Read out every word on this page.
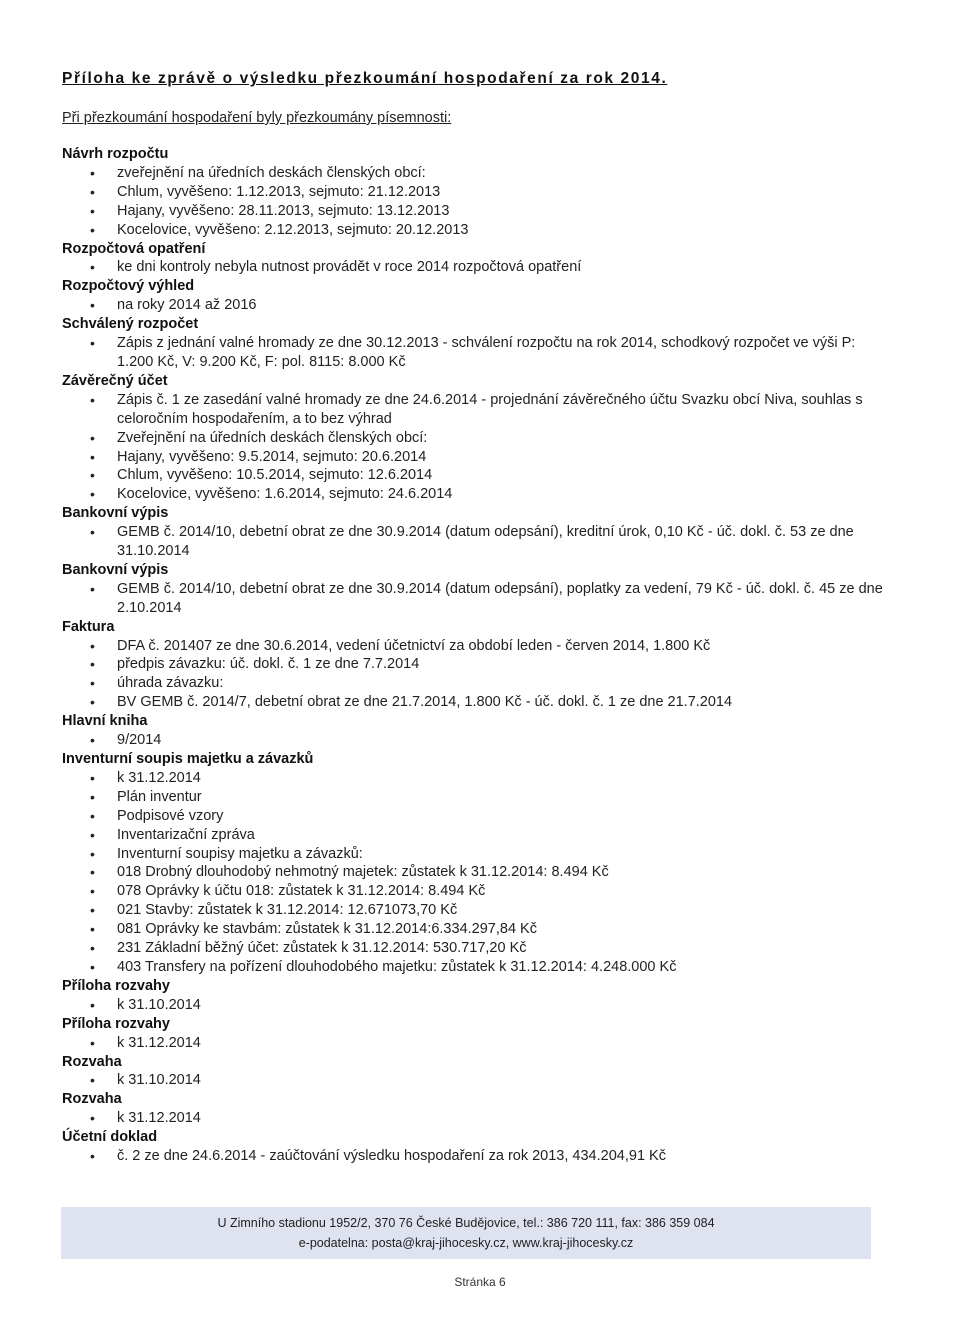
Příloha ke zprávě o výsledku přezkoumání hospodaření za rok 2014.
Při přezkoumání hospodaření byly přezkoumány písemnosti:
Návrh rozpočtu
• zveřejnění na úředních deskách členských obcí:
• Chlum, vyvěšeno: 1.12.2013, sejmuto: 21.12.2013
• Hajany, vyvěšeno: 28.11.2013, sejmuto: 13.12.2013
• Kocelovice, vyvěšeno: 2.12.2013, sejmuto: 20.12.2013
Rozpočtová opatření
• ke dni kontroly nebyla nutnost provádět v roce 2014 rozpočtová opatření
Rozpočtový výhled
• na roky 2014 až 2016
Schválený rozpočet
• Zápis z jednání valné hromady ze dne 30.12.2013 - schválení rozpočtu na rok 2014, schodkový rozpočet ve výši P: 1.200 Kč, V: 9.200 Kč, F: pol. 8115: 8.000 Kč
Závěrečný účet
• Zápis č. 1 ze zasedání valné hromady ze dne 24.6.2014 - projednání závěrečného účtu Svazku obcí Niva, souhlas s celoročním hospodařením, a to bez výhrad
• Zveřejnění na úředních deskách členských obcí:
• Hajany, vyvěšeno: 9.5.2014, sejmuto: 20.6.2014
• Chlum, vyvěšeno: 10.5.2014, sejmuto: 12.6.2014
• Kocelovice, vyvěšeno: 1.6.2014, sejmuto: 24.6.2014
Bankovní výpis
• GEMB č. 2014/10, debetní obrat ze dne 30.9.2014 (datum odepsání), kreditní úrok, 0,10 Kč - úč. dokl. č. 53 ze dne 31.10.2014
Bankovní výpis
• GEMB č. 2014/10, debetní obrat ze dne 30.9.2014 (datum odepsání), poplatky za vedení, 79 Kč - úč. dokl. č. 45 ze dne 2.10.2014
Faktura
• DFA č. 201407 ze dne 30.6.2014, vedení účetnictví za období leden - červen 2014, 1.800 Kč
• předpis závazku: úč. dokl. č. 1 ze dne 7.7.2014
• úhrada závazku:
• BV GEMB č. 2014/7, debetní obrat ze dne 21.7.2014, 1.800 Kč - úč. dokl. č. 1 ze dne 21.7.2014
Hlavní kniha
• 9/2014
Inventurní soupis majetku a závazků
• k 31.12.2014
• Plán inventur
• Podpisové vzory
• Inventarizační zpráva
• Inventurní soupisy majetku a závazků:
• 018 Drobný dlouhodobý nehmotný majetek: zůstatek k 31.12.2014: 8.494 Kč
• 078 Oprávky k účtu 018: zůstatek k 31.12.2014: 8.494 Kč
• 021 Stavby: zůstatek k 31.12.2014: 12.671073,70 Kč
• 081 Oprávky ke stavbám: zůstatek k 31.12.2014:6.334.297,84 Kč
• 231 Základní běžný účet: zůstatek k 31.12.2014: 530.717,20 Kč
• 403 Transfery na pořízení dlouhodobého majetku: zůstatek k 31.12.2014: 4.248.000 Kč
Příloha rozvahy
• k 31.10.2014
Příloha rozvahy
• k 31.12.2014
Rozvaha
• k 31.10.2014
Rozvaha
• k 31.12.2014
Účetní doklad
• č. 2 ze dne 24.6.2014 - zaúčtování výsledku hospodaření za rok 2013, 434.204,91 Kč
U Zimního stadionu 1952/2, 370 76 České Budějovice, tel.: 386 720 111, fax: 386 359 084
e-podatelna: posta@kraj-jihocesky.cz, www.kraj-jihocesky.cz
Stránka 6
